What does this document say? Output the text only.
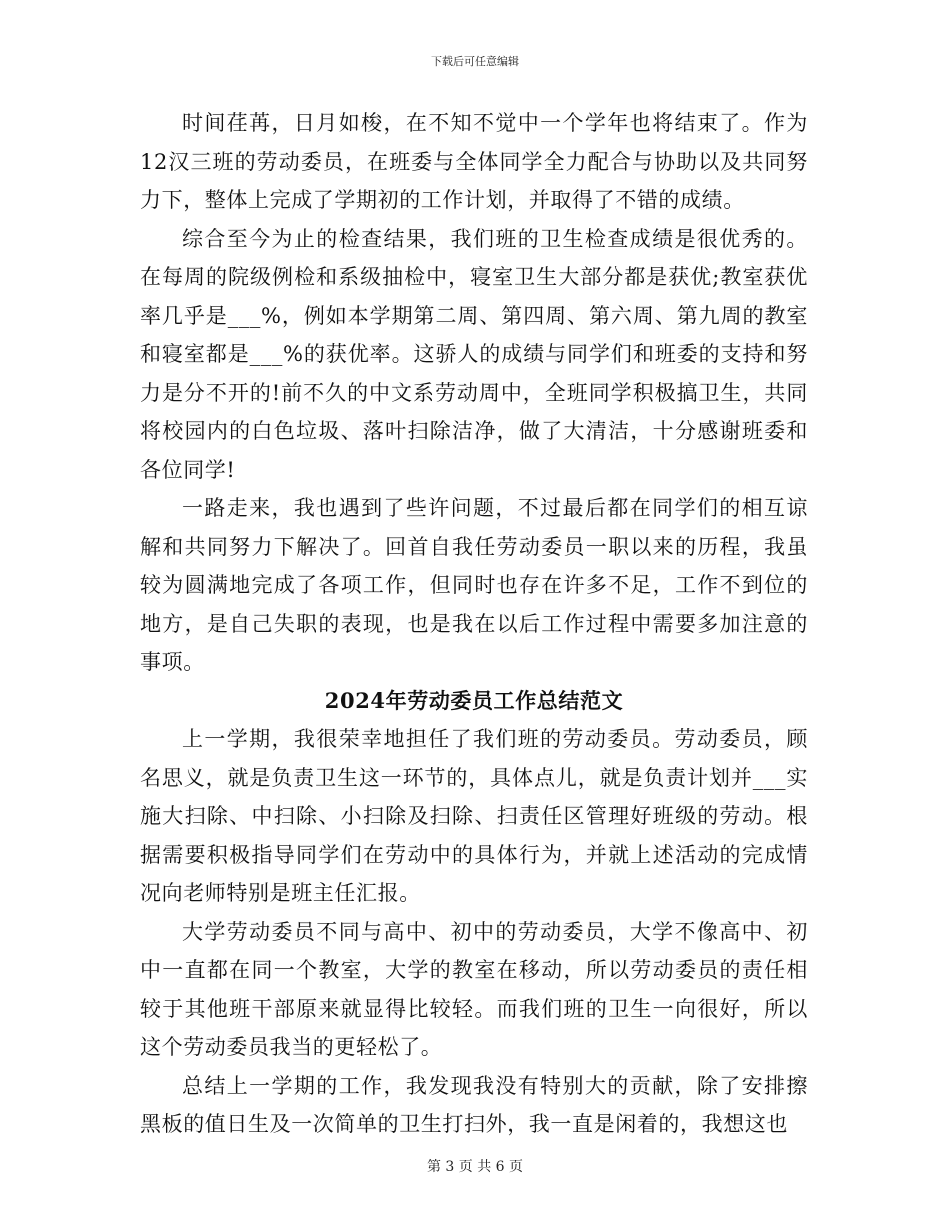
下载后可任意编辑

时间荏苒，日月如梭，在不知不觉中一个学年也将结束了。作为12汉三班的劳动委员，在班委与全体同学全力配合与协助以及共同努力下，整体上完成了学期初的工作计划，并取得了不错的成绩。

综合至今为止的检查结果，我们班的卫生检查成绩是很优秀的。在每周的院级例检和系级抽检中，寝室卫生大部分都是获优;教室获优率几乎是___%，例如本学期第二周、第四周、第六周、第九周的教室和寝室都是___%的获优率。这骄人的成绩与同学们和班委的支持和努力是分不开的!前不久的中文系劳动周中，全班同学积极搞卫生，共同将校园内的白色垃圾、落叶扫除洁净，做了大清洁，十分感谢班委和各位同学!

一路走来，我也遇到了些许问题，不过最后都在同学们的相互谅解和共同努力下解决了。回首自我任劳动委员一职以来的历程，我虽较为圆满地完成了各项工作，但同时也存在许多不足，工作不到位的地方，是自己失职的表现，也是我在以后工作过程中需要多加注意的事项。

2024年劳动委员工作总结范文

上一学期，我很荣幸地担任了我们班的劳动委员。劳动委员，顾名思义，就是负责卫生这一环节的，具体点儿，就是负责计划并___实施大扫除、中扫除、小扫除及扫除、扫责任区管理好班级的劳动。根据需要积极指导同学们在劳动中的具体行为，并就上述活动的完成情况向老师特别是班主任汇报。

大学劳动委员不同与高中、初中的劳动委员，大学不像高中、初中一直都在同一个教室，大学的教室在移动，所以劳动委员的责任相较于其他班干部原来就显得比较轻。而我们班的卫生一向很好，所以这个劳动委员我当的更轻松了。

总结上一学期的工作，我发现我没有特别大的贡献，除了安排擦黑板的值日生及一次简单的卫生打扫外，我一直是闲着的，我想这也

第 3 页 共 6 页
